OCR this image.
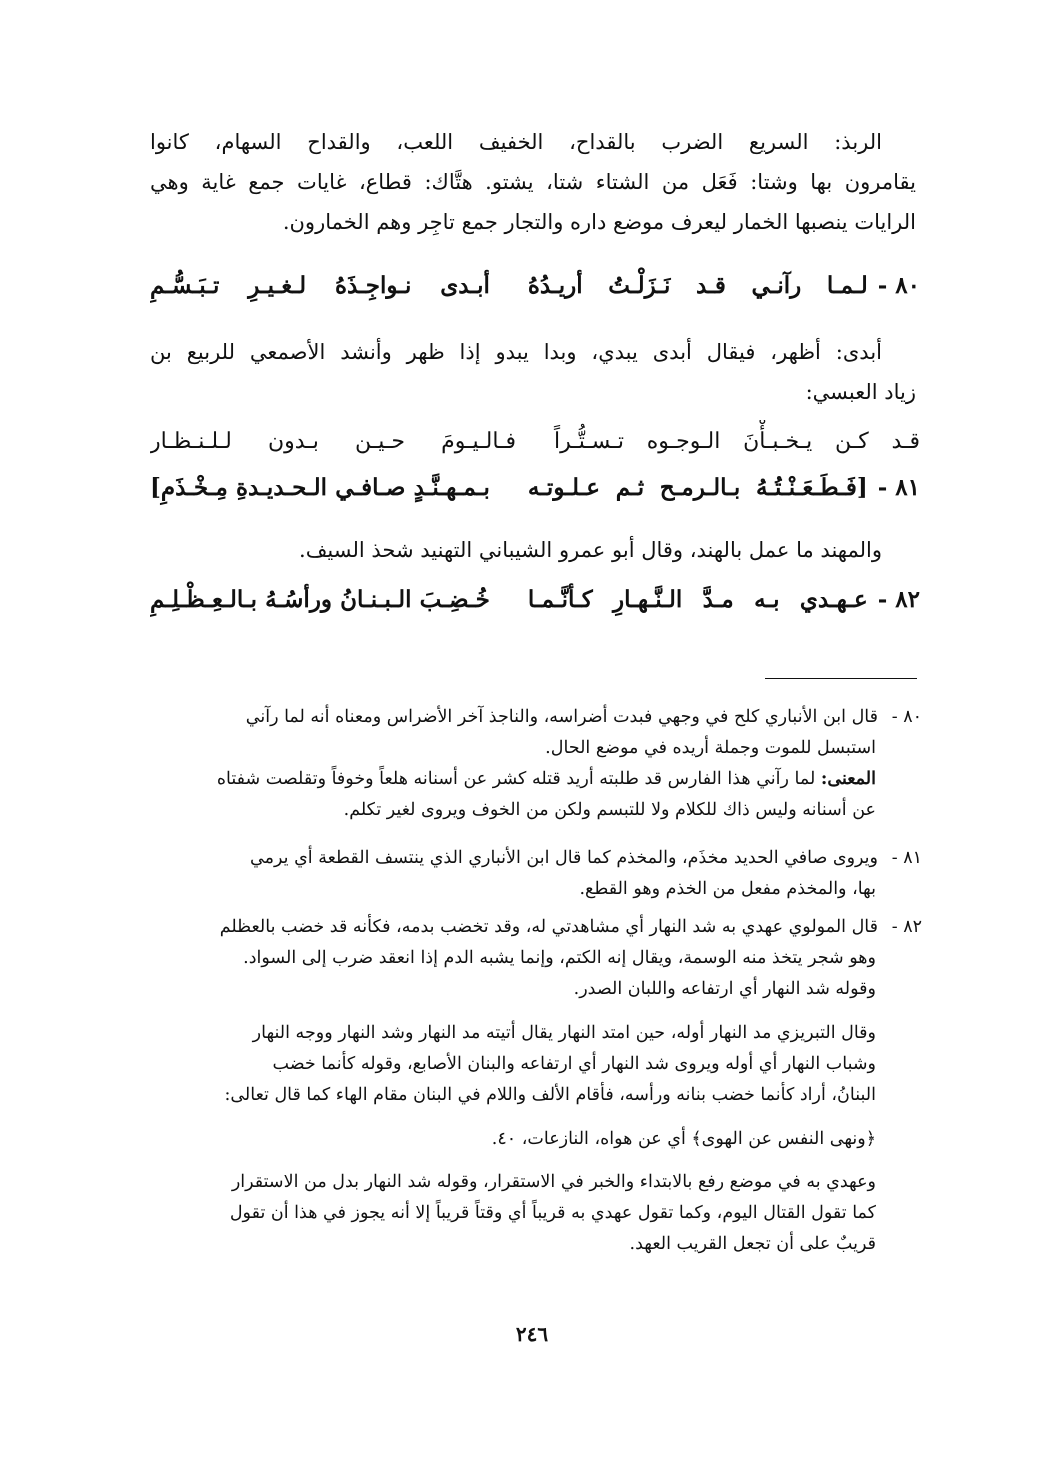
الربذ: السريع الضرب بالقداح، الخفيف اللعب، والقداح السهام، كانوا
يقامرون بها وشتا: فَعَل من الشتاء شتا، يشتو. هتَّاك: قطاع، غايات جمع غاية وهي
الرايات ينصبها الخمار ليعرف موضع داره والتجار جمع تاجِر وهم الخمارون.
٨٠ -
لـمـا رآنـي قـد نَـزَلْـتُ أريـدُهُ
أبـدى نـواجِـذَهُ لـغـيـرِ تـبَـسُّـمِ
أبدى: أظهر، فيقال أبدى يبدي، وبدا يبدو إذا ظهر وأنشد الأصمعي للربيع بن
زياد العبسي:
قـد كـن يـخـبـأْنَ الـوجـوه تـسـتُّـراً
فـالـيـومَ حـيـن بـدون لـلـنـظـار
٨١ -
[فَـطَـعَـنْـتُـهُ بـالـرمـح ثـم عـلـوتـه
بـمـهـنَّـدٍ صـافـي الـحـديـدةِ مِـخْـذَمِ]
والمهند ما عمل بالهند، وقال أبو عمرو الشيباني التهنيد شحذ السيف.
٨٢ -
عـهـدي بـه مـدَّ الـنَّـهـارِ كـأنَّـمـا
خُـضِـبَ الـبـنـانُ ورأسُـهُ بـالـعِـظْـلِـمِ
٨٠ -قال ابن الأنباري كلح في وجهي فبدت أضراسه، والناجذ آخر الأضراس ومعناه أنه لما رآني
استبسل للموت وجملة أريده في موضع الحال.
المعنى: لما رآني هذا الفارس قد طلبته أريد قتله كشر عن أسنانه هلعاً وخوفاً وتقلصت شفتاه
عن أسنانه وليس ذاك للكلام ولا للتبسم ولكن من الخوف ويروى لغير تكلم.
٨١ -ويروى صافي الحديد مخذَم، والمخذم كما قال ابن الأنباري الذي ينتسف القطعة أي يرمي
بها، والمخذم مفعل من الخذم وهو القطع.
٨٢ -قال المولوي عهدي به شد النهار أي مشاهدتي له، وقد تخضب بدمه، فكأنه قد خضب بالعظلم
وهو شجر يتخذ منه الوسمة، ويقال إنه الكتم، وإنما يشبه الدم إذا انعقد ضرب إلى السواد.
وقوله شد النهار أي ارتفاعه واللبان الصدر.
وقال التبريزي مد النهار أوله، حين امتد النهار يقال أتيته مد النهار وشد النهار ووجه النهار
وشباب النهار أي أوله ويروى شد النهار أي ارتفاعه والبنان الأصابع، وقوله كأنما خضب
البنانُ، أراد كأنما خضب بنانه ورأسه، فأقام الألف واللام في البنان مقام الهاء كما قال تعالى:
﴿ونهى النفس عن الهوى﴾ أي عن هواه، النازعات، ٤٠.
وعهدي به في موضع رفع بالابتداء والخبر في الاستقرار، وقوله شد النهار بدل من الاستقرار
كما تقول القتال اليوم، وكما تقول عهدي به قريباً أي وقتاً قريباً إلا أنه يجوز في هذا أن تقول
قريبٌ على أن تجعل القريب العهد.
٢٤٦
